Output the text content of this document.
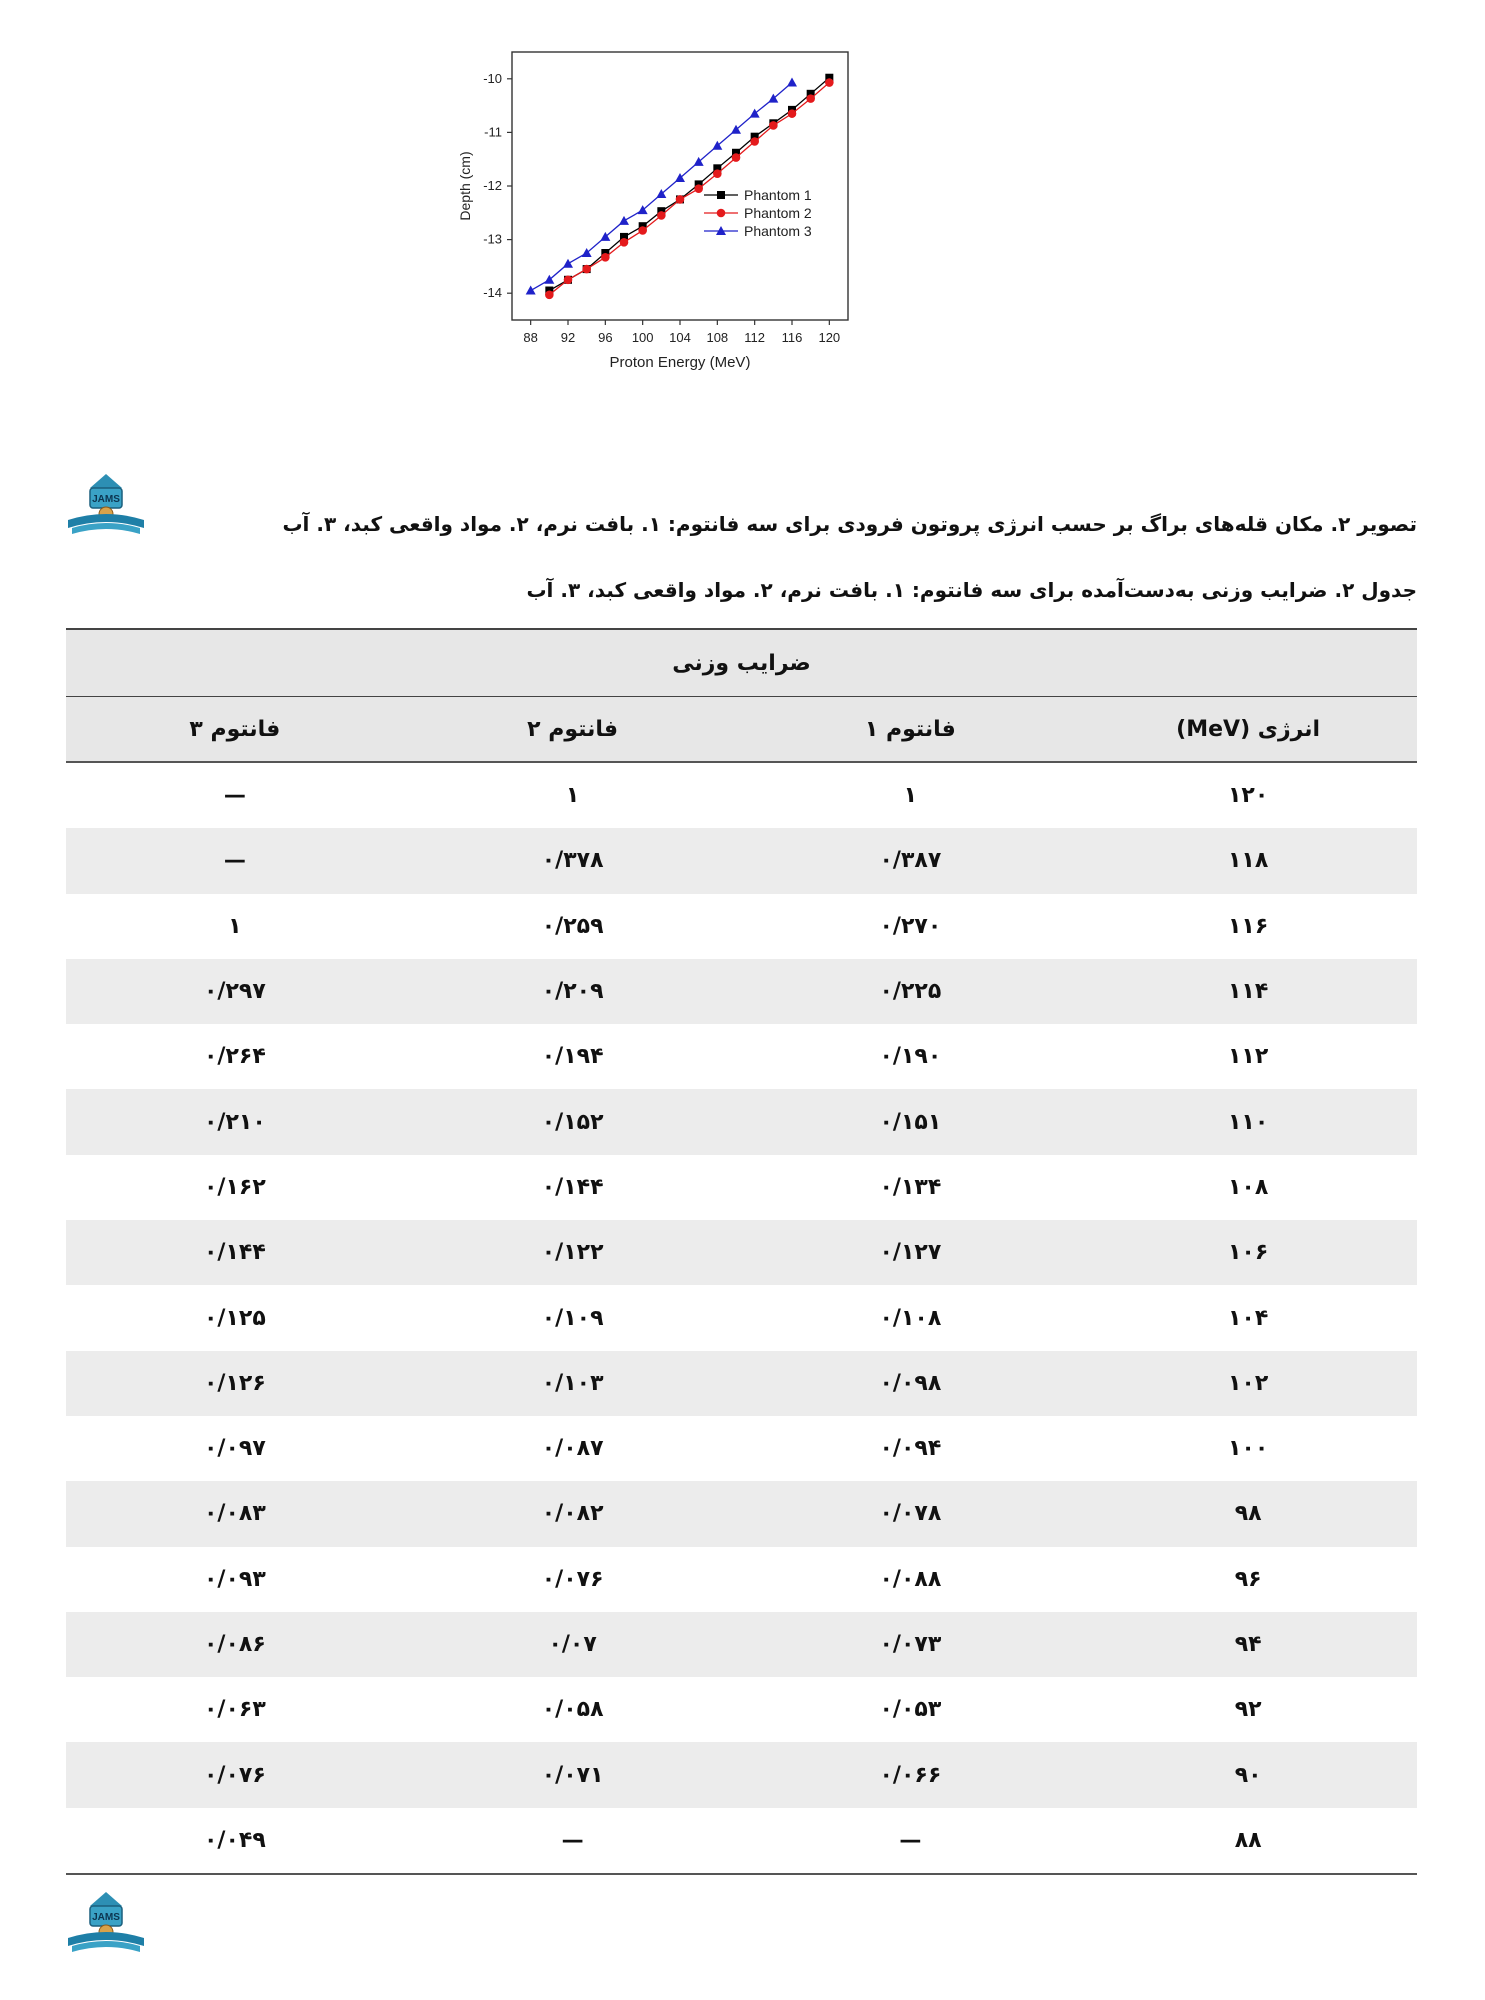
88 92 96 100 104 108 112 116 120
-10
-11
-12
-13
-14
Proton Energy (MeV)
Depth (cm)	Phantom 1
Phantom 2
Phantom 3
JAMS
تصویر ۲. مکان قله‌های براگ بر حسب انرژی پروتون فرودی برای سه فانتوم: ۱. بافت نرم، ۲. مواد واقعی کبد، ۳. آب
جدول ۲. ضرایب وزنی به‌دست‌آمده برای سه فانتوم: ۱. بافت نرم، ۲. مواد واقعی کبد، ۳. آب
ضرایب وزنی			
انرژی (MeV)	فانتوم ۱	فانتوم ۲	فانتوم ۳
۱۲۰	۱	۱	—
۱۱۸	۰/۳۸۷	۰/۳۷۸	—
۱۱۶	۰/۲۷۰	۰/۲۵۹	۱
۱۱۴	۰/۲۲۵	۰/۲۰۹	۰/۲۹۷
۱۱۲	۰/۱۹۰	۰/۱۹۴	۰/۲۶۴
۱۱۰	۰/۱۵۱	۰/۱۵۲	۰/۲۱۰
۱۰۸	۰/۱۳۴	۰/۱۴۴	۰/۱۶۲
۱۰۶	۰/۱۲۷	۰/۱۲۲	۰/۱۴۴
۱۰۴	۰/۱۰۸	۰/۱۰۹	۰/۱۲۵
۱۰۲	۰/۰۹۸	۰/۱۰۳	۰/۱۲۶
۱۰۰	۰/۰۹۴	۰/۰۸۷	۰/۰۹۷
۹۸	۰/۰۷۸	۰/۰۸۲	۰/۰۸۳
۹۶	۰/۰۸۸	۰/۰۷۶	۰/۰۹۳
۹۴	۰/۰۷۳	۰/۰۷	۰/۰۸۶
۹۲	۰/۰۵۳	۰/۰۵۸	۰/۰۶۳
۹۰	۰/۰۶۶	۰/۰۷۱	۰/۰۷۶
۸۸	—	—	۰/۰۴۹
JAMS
